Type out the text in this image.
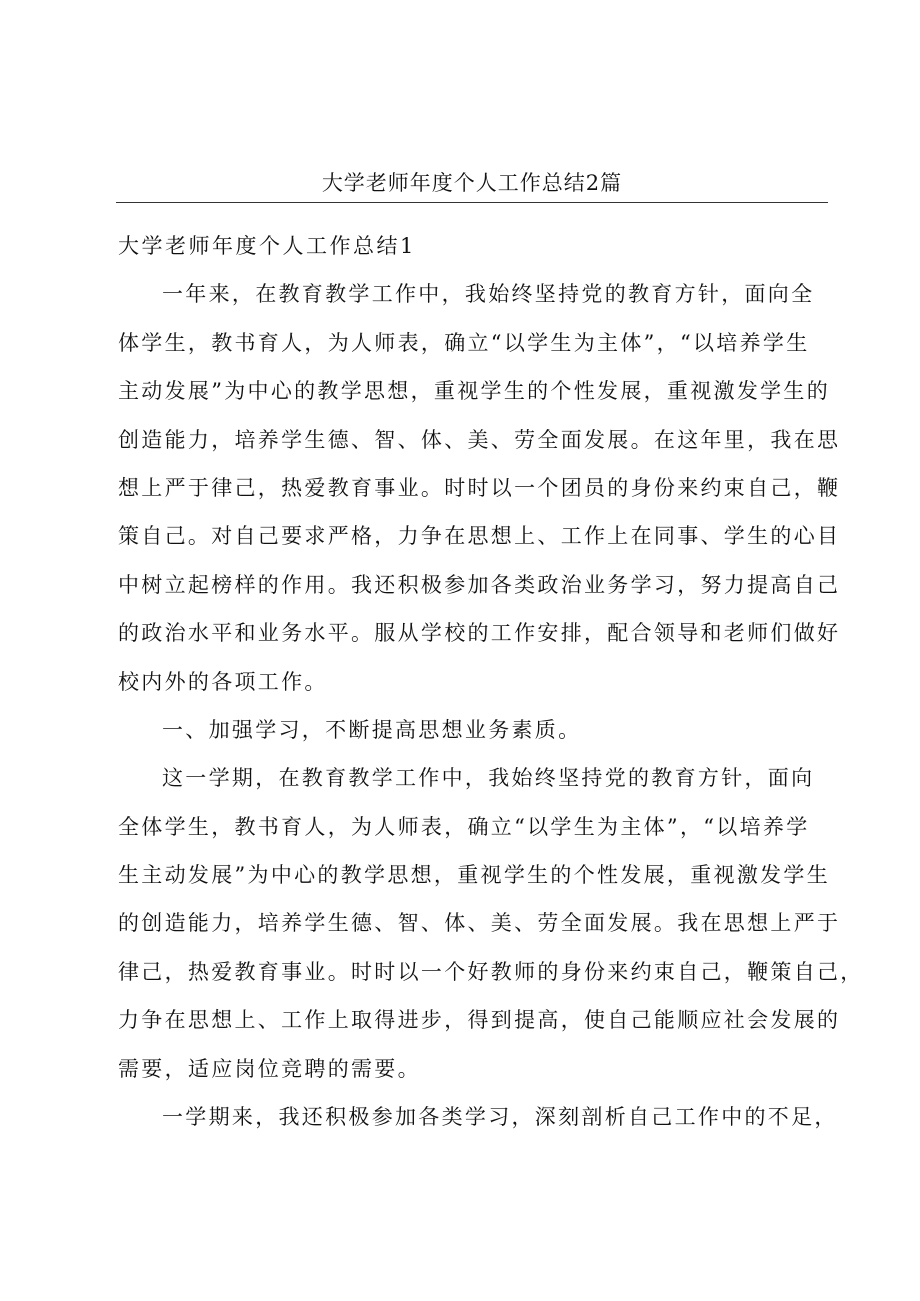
大学老师年度个人工作总结2篇
大学老师年度个人工作总结1
一年来，在教育教学工作中，我始终坚持党的教育方针，面向全
体学生，教书育人，为人师表，确立“以学生为主体”，“以培养学生
主动发展”为中心的教学思想，重视学生的个性发展，重视激发学生的
创造能力，培养学生德、智、体、美、劳全面发展。在这年里，我在思
想上严于律己，热爱教育事业。时时以一个团员的身份来约束自己，鞭
策自己。对自己要求严格，力争在思想上、工作上在同事、学生的心目
中树立起榜样的作用。我还积极参加各类政治业务学习，努力提高自己
的政治水平和业务水平。服从学校的工作安排，配合领导和老师们做好
校内外的各项工作。
一、加强学习，不断提高思想业务素质。
这一学期，在教育教学工作中，我始终坚持党的教育方针，面向
全体学生，教书育人，为人师表，确立“以学生为主体”，“以培养学
生主动发展”为中心的教学思想，重视学生的个性发展，重视激发学生
的创造能力，培养学生德、智、体、美、劳全面发展。我在思想上严于
律己，热爱教育事业。时时以一个好教师的身份来约束自己，鞭策自己，
力争在思想上、工作上取得进步，得到提高，使自己能顺应社会发展的
需要，适应岗位竞聘的需要。
一学期来，我还积极参加各类学习，深刻剖析自己工作中的不足，
